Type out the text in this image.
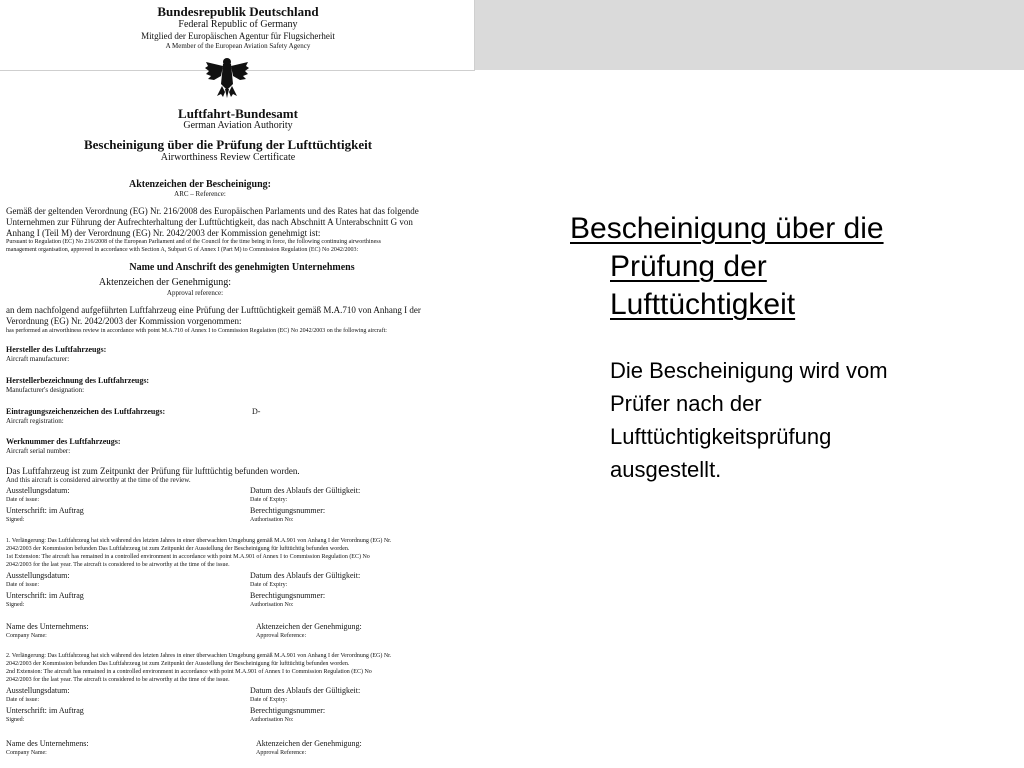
Bundesrepublik Deutschland
Federal Republic of Germany
Mitglied der Europäischen Agentur für Flugsicherheit
A Member of the European Aviation Safety Agency
Luftfahrt-Bundesamt
German Aviation Authority
Bescheinigung über die Prüfung der Lufttüchtigkeit
Airworthiness Review Certificate
Aktenzeichen der Bescheinigung:
ARC – Reference:
Gemäß der geltenden Verordnung (EG) Nr. 216/2008 des Europäischen Parlaments und des Rates hat das folgende
Unternehmen zur Führung der Aufrechterhaltung der Lufttüchtigkeit, das nach Abschnitt A Unterabschnitt G von
Anhang I (Teil M) der Verordnung (EG) Nr. 2042/2003 der Kommission genehmigt ist:
Pursuant to Regulation (EC) No 216/2008 of the European Parliament and of the Council for the time being in force, the following continuing airworthiness
management organisation, approved in accordance with Section A, Subpart G of Annex I (Part M) to Commission Regulation (EC) No 2042/2003:
Name und Anschrift des genehmigten Unternehmens
Aktenzeichen der Genehmigung:
Approval reference:
an dem nachfolgend aufgeführten Luftfahrzeug eine Prüfung der Lufttüchtigkeit gemäß M.A.710 von Anhang I der
Verordnung (EG) Nr. 2042/2003 der Kommission vorgenommen:
has performed an airworthiness review in accordance with point M.A.710 of Annex I to Commission Regulation (EC) No 2042/2003 on the following aircraft:
Hersteller des Luftfahrzeugs:
Aircraft manufacturer:
Herstellerbezeichnung des Luftfahrzeugs:
Manufacturer's designation:
Eintragungszeichenzeichen des Luftfahrzeugs:	D-
Aircraft registration:
Werknummer des Luftfahrzeugs:
Aircraft serial number:
Das Luftfahrzeug ist zum Zeitpunkt der Prüfung für lufttüchtig befunden worden.
And this aircraft is considered airworthy at the time of the review.
Ausstellungsdatum:	Datum des Ablaufs der Gültigkeit:
Date of issue:	Date of Expiry:
Unterschrift: im Auftrag	Berechtigungsnummer:
Signed:	Authorisation No:
1. Verlängerung: Das Luftfahrzeug hat sich während des letzten Jahres in einer überwachten Umgebung gemäß M.A.901 von Anhang I der Verordnung (EG) Nr.
2042/2003 der Kommission befunden Das Luftfahrzeug ist zum Zeitpunkt der Ausstellung der Bescheinigung für lufttüchtig befunden worden.
1st Extension: The aircraft has remained in a controlled environment in accordance with point M.A.901 of Annex I to Commission Regulation (EC) No
2042/2003 for the last year. The aircraft is considered to be airworthy at the time of the issue.
Ausstellungsdatum:	Datum des Ablaufs der Gültigkeit:
Date of issue:	Date of Expiry:
Unterschrift: im Auftrag	Berechtigungsnummer:
Signed:	Authorisation No:
Name des Unternehmens:	Aktenzeichen der Genehmigung:
Company Name:	Approval Reference:
2. Verlängerung: Das Luftfahrzeug hat sich während des letzten Jahres in einer überwachten Umgebung gemäß M.A.901 von Anhang I der Verordnung (EG) Nr.
2042/2003 der Kommission befunden Das Luftfahrzeug ist zum Zeitpunkt der Ausstellung der Bescheinigung für lufttüchtig befunden worden.
2nd Extension: The aircraft has remained in a controlled environment in accordance with point M.A.901 of Annex I to Commission Regulation (EC) No
2042/2003 for the last year. The aircraft is considered to be airworthy at the time of the issue.
Ausstellungsdatum:	Datum des Ablaufs der Gültigkeit:
Date of issue:	Date of Expiry:
Unterschrift: im Auftrag	Berechtigungsnummer:
Signed:	Authorisation No:
Name des Unternehmens:	Aktenzeichen der Genehmigung:
Company Name:	Approval Reference:
Bescheinigung über die
Prüfung der
Lufttüchtigkeit

Die Bescheinigung wird vom
Prüfer nach der
Lufttüchtigkeitsprüfung
ausgestellt.
